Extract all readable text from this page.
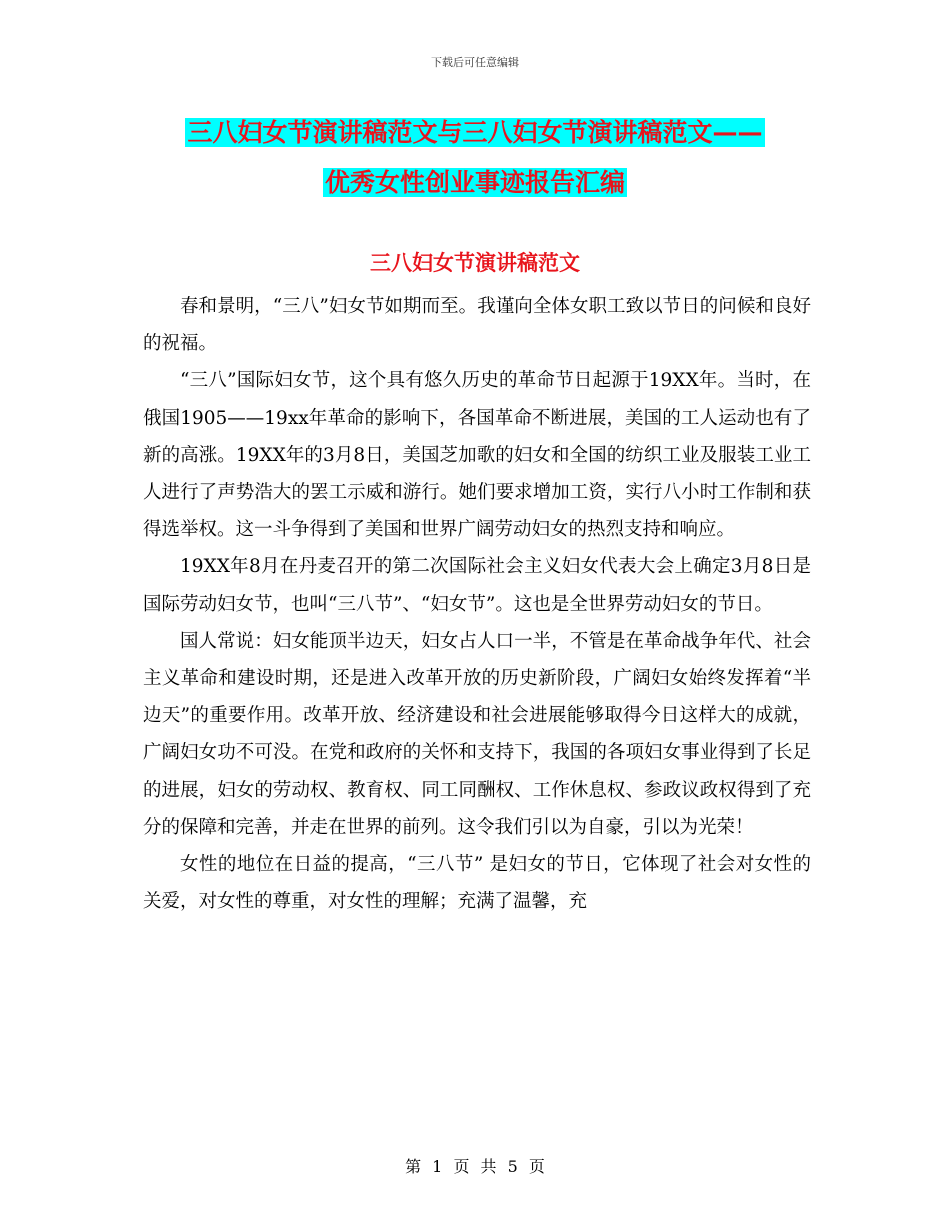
下载后可任意编辑
三八妇女节演讲稿范文与三八妇女节演讲稿范文——
优秀女性创业事迹报告汇编
三八妇女节演讲稿范文

春和景明，“三八”妇女节如期而至。我谨向全体女职工致以节日的问候和良好的祝福。

“三八”国际妇女节，这个具有悠久历史的革命节日起源于19XX年。当时，在俄国1905——19xx年革命的影响下，各国革命不断进展，美国的工人运动也有了新的高涨。19XX年的3月8日，美国芝加歌的妇女和全国的纺织工业及服装工业工人进行了声势浩大的罢工示威和游行。她们要求增加工资，实行八小时工作制和获得选举权。这一斗争得到了美国和世界广阔劳动妇女的热烈支持和响应。

19XX年8月在丹麦召开的第二次国际社会主义妇女代表大会上确定3月8日是国际劳动妇女节，也叫“三八节”、“妇女节”。这也是全世界劳动妇女的节日。

国人常说：妇女能顶半边天，妇女占人口一半，不管是在革命战争年代、社会主义革命和建设时期，还是进入改革开放的历史新阶段，广阔妇女始终发挥着“半边天”的重要作用。改革开放、经济建设和社会进展能够取得今日这样大的成就，广阔妇女功不可没。在党和政府的关怀和支持下，我国的各项妇女事业得到了长足的进展，妇女的劳动权、教育权、同工同酬权、工作休息权、参政议政权得到了充分的保障和完善，并走在世界的前列。这令我们引以为自豪，引以为光荣！

女性的地位在日益的提高，“三八节” 是妇女的节日，它体现了社会对女性的关爱，对女性的尊重，对女性的理解；充满了温馨，充

第 1 页 共 5 页
